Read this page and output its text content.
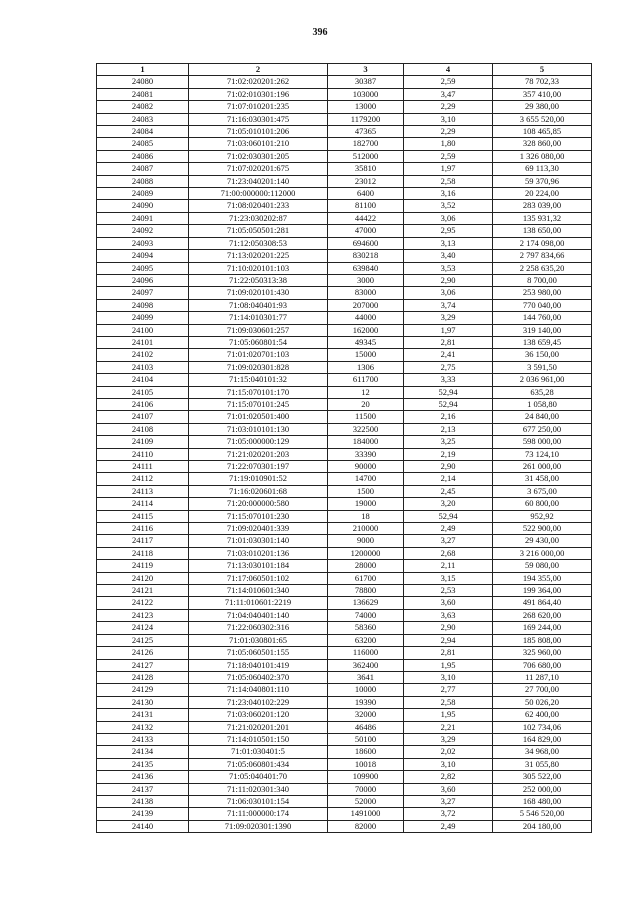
396
1	2	3	4	5
24080	71:02:020201:262	30387	2,59	78 702,33
24081	71:02:010301:196	103000	3,47	357 410,00
24082	71:07:010201:235	13000	2,29	29 380,00
24083	71:16:030301:475	1179200	3,10	3 655 520,00
24084	71:05:010101:206	47365	2,29	108 465,85
24085	71:03:060101:210	182700	1,80	328 860,00
24086	71:02:030301:205	512000	2,59	1 326 080,00
24087	71:07:020201:675	35810	1,97	69 113,30
24088	71:23:040201:140	23012	2,58	59 370,96
24089	71:00:000000:112000	6400	3,16	20 224,00
24090	71:08:020401:233	81100	3,52	283 039,00
24091	71:23:030202:87	44422	3,06	135 931,32
24092	71:05:050501:281	47000	2,95	138 650,00
24093	71:12:050308:53	694600	3,13	2 174 098,00
24094	71:13:020201:225	830218	3,40	2 797 834,66
24095	71:10:020101:103	639840	3,53	2 258 635,20
24096	71:22:050313:38	3000	2,90	8 700,00
24097	71:09:020101:430	83000	3,06	253 980,00
24098	71:08:040401:93	207000	3,74	770 040,00
24099	71:14:010301:77	44000	3,29	144 760,00
24100	71:09:030601:257	162000	1,97	319 140,00
24101	71:05:060801:54	49345	2,81	138 659,45
24102	71:01:020701:103	15000	2,41	36 150,00
24103	71:09:020301:828	1306	2,75	3 591,50
24104	71:15:040101:32	611700	3,33	2 036 961,00
24105	71:15:070101:170	12	52,94	635,28
24106	71:15:070101:245	20	52,94	1 058,80
24107	71:01:020501:400	11500	2,16	24 840,00
24108	71:03:010101:130	322500	2,13	677 250,00
24109	71:05:000000:129	184000	3,25	598 000,00
24110	71:21:020201:203	33390	2,19	73 124,10
24111	71:22:070301:197	90000	2,90	261 000,00
24112	71:19:010901:52	14700	2,14	31 458,00
24113	71:16:020601:68	1500	2,45	3 675,00
24114	71:20:000000:580	19000	3,20	60 800,00
24115	71:15:070101:230	18	52,94	952,92
24116	71:09:020401:339	210000	2,49	522 900,00
24117	71:01:030301:140	9000	3,27	29 430,00
24118	71:03:010201:136	1200000	2,68	3 216 000,00
24119	71:13:030101:184	28000	2,11	59 080,00
24120	71:17:060501:102	61700	3,15	194 355,00
24121	71:14:010601:340	78800	2,53	199 364,00
24122	71:11:010601:2219	136629	3,60	491 864,40
24123	71:04:040401:140	74000	3,63	268 620,00
24124	71:22:060302:316	58360	2,90	169 244,00
24125	71:01:030801:65	63200	2,94	185 808,00
24126	71:05:060501:155	116000	2,81	325 960,00
24127	71:18:040101:419	362400	1,95	706 680,00
24128	71:05:060402:370	3641	3,10	11 287,10
24129	71:14:040801:110	10000	2,77	27 700,00
24130	71:23:040102:229	19390	2,58	50 026,20
24131	71:03:060201:120	32000	1,95	62 400,00
24132	71:21:020201:201	46486	2,21	102 734,06
24133	71:14:010501:150	50100	3,29	164 829,00
24134	71:01:030401:5	18600	2,02	34 968,00
24135	71:05:060801:434	10018	3,10	31 055,80
24136	71:05:040401:70	109900	2,82	305 522,00
24137	71:11:020301:340	70000	3,60	252 000,00
24138	71:06:030101:154	52000	3,27	168 480,00
24139	71:11:000000:174	1491000	3,72	5 546 520,00
24140	71:09:020301:1390	82000	2,49	204 180,00
